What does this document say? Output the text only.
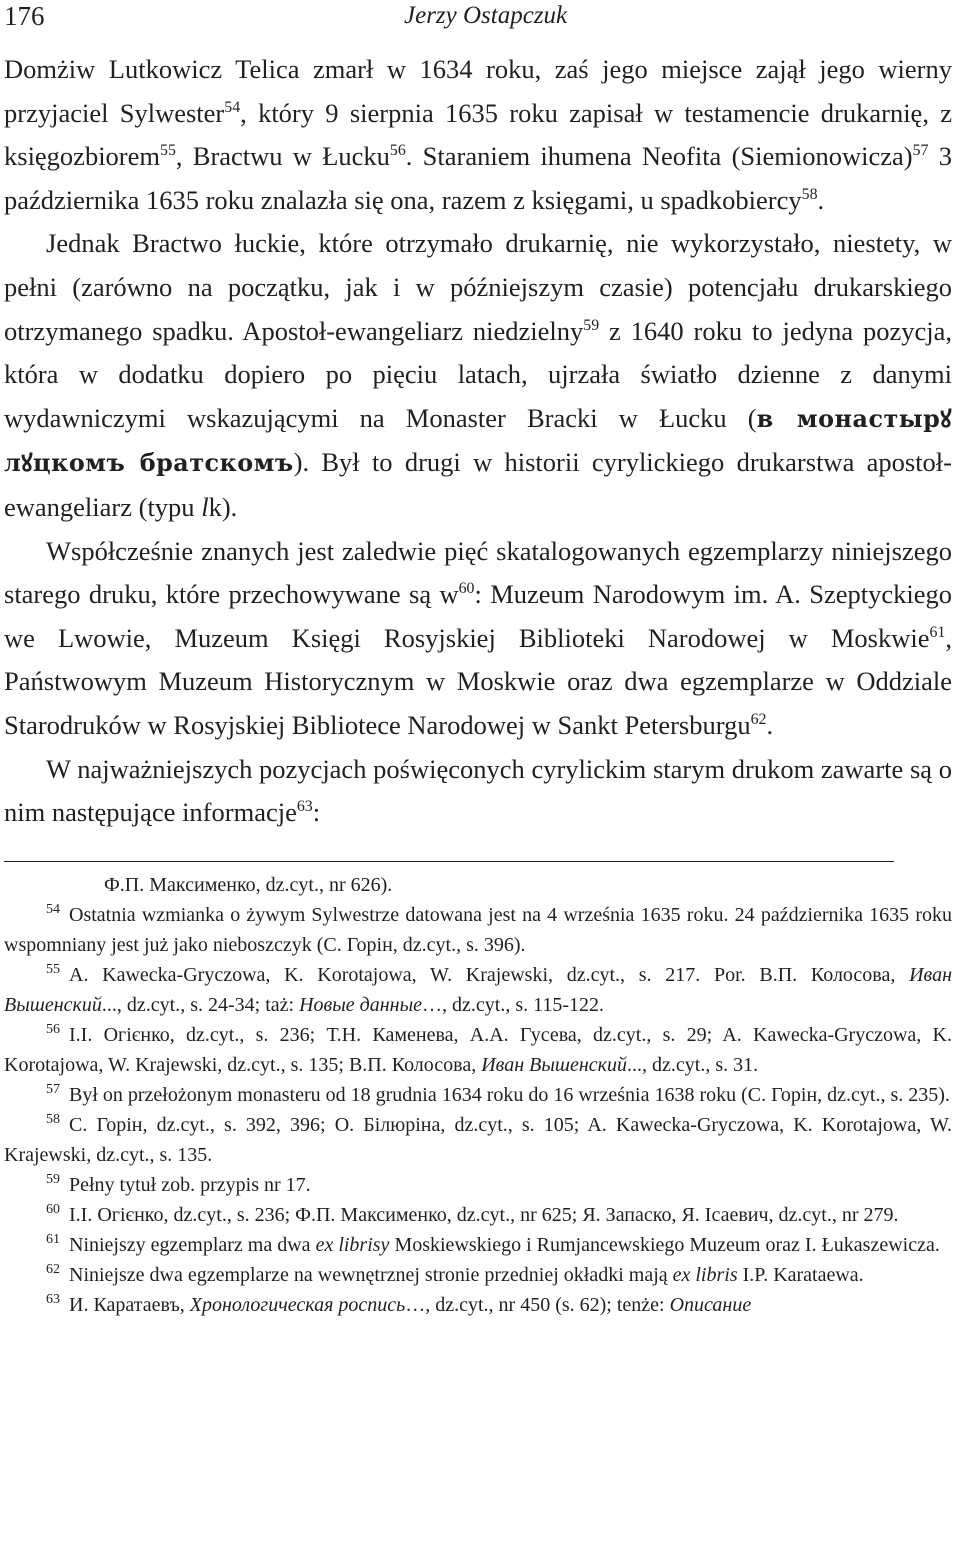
176	Jerzy Ostapczuk

Domżiw Lutkowicz Telica zmarł w 1634 roku, zaś jego miejsce zajął jego wierny przyjaciel Sylwester$^{54}$, który 9 sierpnia 1635 roku zapisał w testamencie drukarnię, z księgozbiorem$^{55}$, Bractwu w Łucku$^{56}$. Staraniem ihumena Neofita (Siemionowicza)$^{57}$ 3 października 1635 roku znalazła się ona, razem z księgami, u spadkobiercy$^{58}$.

Jednak Bractwo łuckie, które otrzymało drukarnię, nie wykorzystało, niestety, w pełni (zarówno na początku, jak i w późniejszym czasie) potencjału drukarskiego otrzymanego spadku. Apostoł-ewangeliarz niedzielny$^{59}$ z 1640 roku to jedyna pozycja, która w dodatku dopiero po pięciu latach, ujrzała światło dzienne z danymi wydawniczymi wskazującymi na Monaster Bracki w Łucku (в монастырꙋ лꙋцкомъ братскомъ). Był to drugi w historii cyrylickiego drukarstwa apostoł-ewangeliarz (typu lk).

Współcześnie znanych jest zaledwie pięć skatalogowanych egzemplarzy niniejszego starego druku, które przechowywane są $w^{60}$: Muzeum Narodowym im. A. Szeptyckiego we Lwowie, Muzeum Księgi Rosyjskiej Biblioteki Narodowej w Moskwie$^{61}$, Państwowym Muzeum Historycznym w Moskwie oraz dwa egzemplarze w Oddziale Starodruków w Rosyjskiej Bibliotece Narodowej w Sankt Petersburgu$^{62}$.

W najważniejszych pozycjach poświęconych cyrylickim starym drukom zawarte są o nim następujące informacje$^{63}$:

Ф.П. Максименко, dz.cyt., nr 626).

$^{54}$ Ostatnia wzmianka o żywym Sylwestrze datowana jest na 4 września 1635 roku. 24 października 1635 roku wspomniany jest już jako nieboszczyk (С. Горін, dz.cyt., s. 396).

$^{55}$ A. Kawecka-Gryczowa, K. Korotajowa, W. Krajewski, dz.cyt., s. 217. Por. В.П. Колосова, Иван Вышенский..., dz.cyt., s. 24-34; taż: Новые данные…, dz.cyt., s. 115-122.

$^{56}$ І.І. Огієнко, dz.cyt., s. 236; Т.Н. Каменева, А.А. Гусева, dz.cyt., s. 29; A. Kawecka-Gryczowa, K. Korotajowa, W. Krajewski, dz.cyt., s. 135; В.П. Колосова, Иван Вышенский..., dz.cyt., s. 31.

$^{57}$ Był on przełożonym monasteru od 18 grudnia 1634 roku do 16 września 1638 roku (С. Горін, dz.cyt., s. 235).

$^{58}$ С. Горін, dz.cyt., s. 392, 396; О. Білюріна, dz.cyt., s. 105; A. Kawecka-Gryczowa, K. Korotajowa, W. Krajewski, dz.cyt., s. 135.

$^{59}$ Pełny tytuł zob. przypis nr 17.

$^{60}$ І.І. Огієнко, dz.cyt., s. 236; Ф.П. Максименко, dz.cyt., nr 625; Я. Запаско, Я. Ісаевич, dz.cyt., nr 279.

$^{61}$ Niniejszy egzemplarz ma dwa ex librisy Moskiewskiego i Rumjancewskiego Muzeum oraz I. Łukaszewicza.

$^{62}$ Niniejsze dwa egzemplarze na wewnętrznej stronie przedniej okładki mają ex libris I.P. Karataewa.

$^{63}$ И. Каратаевъ, Хронологическая роспись…, dz.cyt., nr 450 (s. 62); tenże: Описание
